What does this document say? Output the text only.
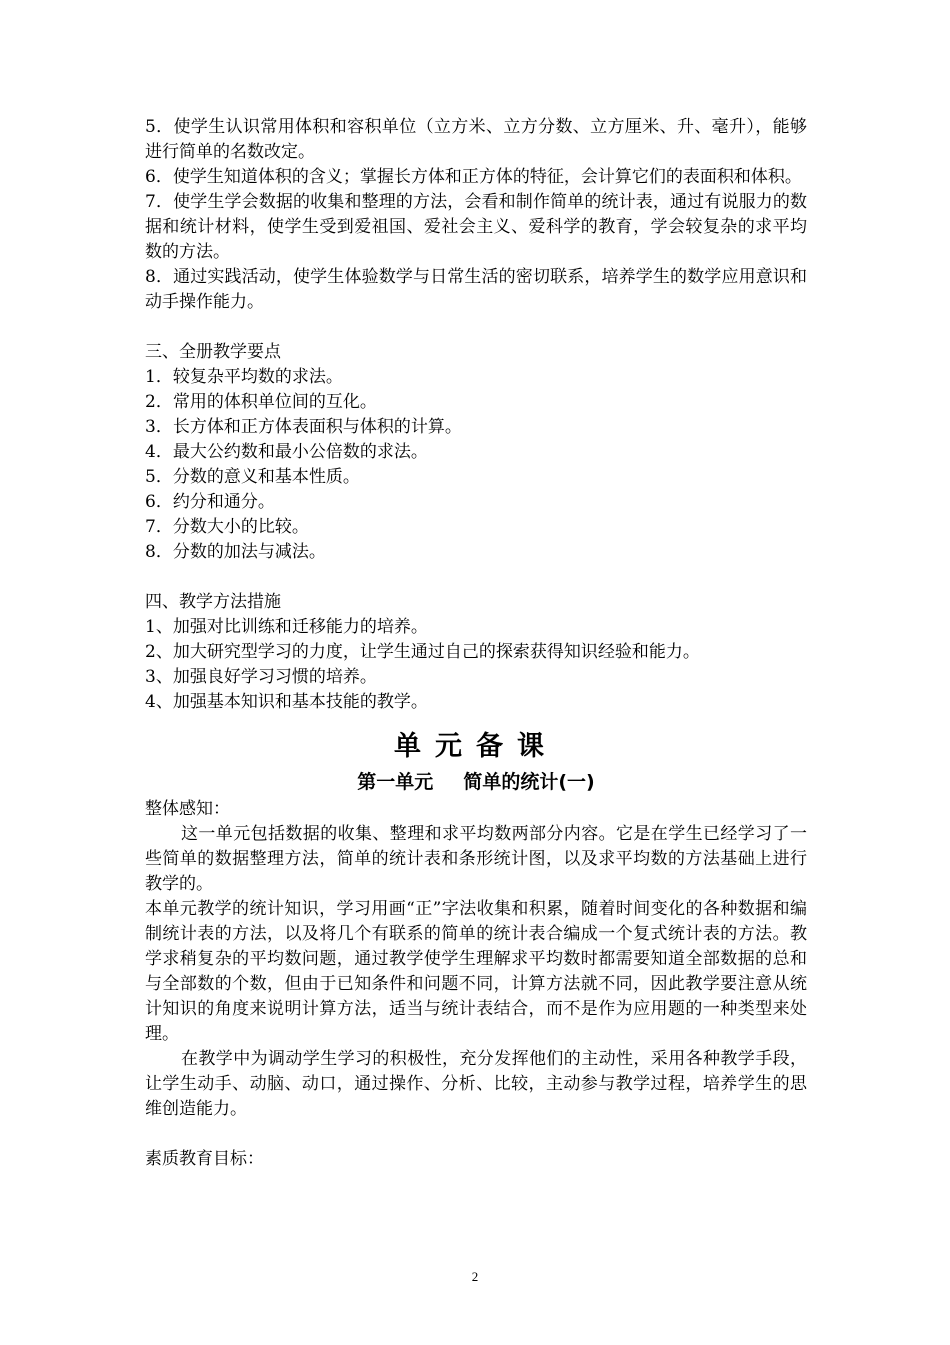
5．使学生认识常用体积和容积单位（立方米、立方分数、立方厘米、升、毫升），能够进行简单的名数改定。

6．使学生知道体积的含义；掌握长方体和正方体的特征，会计算它们的表面积和体积。

7．使学生学会数据的收集和整理的方法，会看和制作简单的统计表，通过有说服力的数据和统计材料，使学生受到爱祖国、爱社会主义、爱科学的教育，学会较复杂的求平均数的方法。

8．通过实践活动，使学生体验数学与日常生活的密切联系，培养学生的数学应用意识和动手操作能力。

三、全册教学要点

1．较复杂平均数的求法。

2．常用的体积单位间的互化。

3．长方体和正方体表面积与体积的计算。

4．最大公约数和最小公倍数的求法。

5．分数的意义和基本性质。

6．约分和通分。

7．分数大小的比较。

8．分数的加法与减法。

四、教学方法措施

1、加强对比训练和迁移能力的培养。

2、加大研究型学习的力度，让学生通过自己的探索获得知识经验和能力。

3、加强良好学习习惯的培养。

4、加强基本知识和基本技能的教学。

单元备课
第一单元 简单的统计(一)

整体感知：

这一单元包括数据的收集、整理和求平均数两部分内容。它是在学生已经学习了一些简单的数据整理方法，简单的统计表和条形统计图，以及求平均数的方法基础上进行教学的。

本单元教学的统计知识，学习用画“正”字法收集和积累，随着时间变化的各种数据和编制统计表的方法，以及将几个有联系的简单的统计表合编成一个复式统计表的方法。教学求稍复杂的平均数问题，通过教学使学生理解求平均数时都需要知道全部数据的总和与全部数的个数，但由于已知条件和问题不同，计算方法就不同，因此教学要注意从统计知识的角度来说明计算方法，适当与统计表结合，而不是作为应用题的一种类型来处理。

在教学中为调动学生学习的积极性，充分发挥他们的主动性，采用各种教学手段，让学生动手、动脑、动口，通过操作、分析、比较，主动参与教学过程，培养学生的思维创造能力。

素质教育目标：

2
